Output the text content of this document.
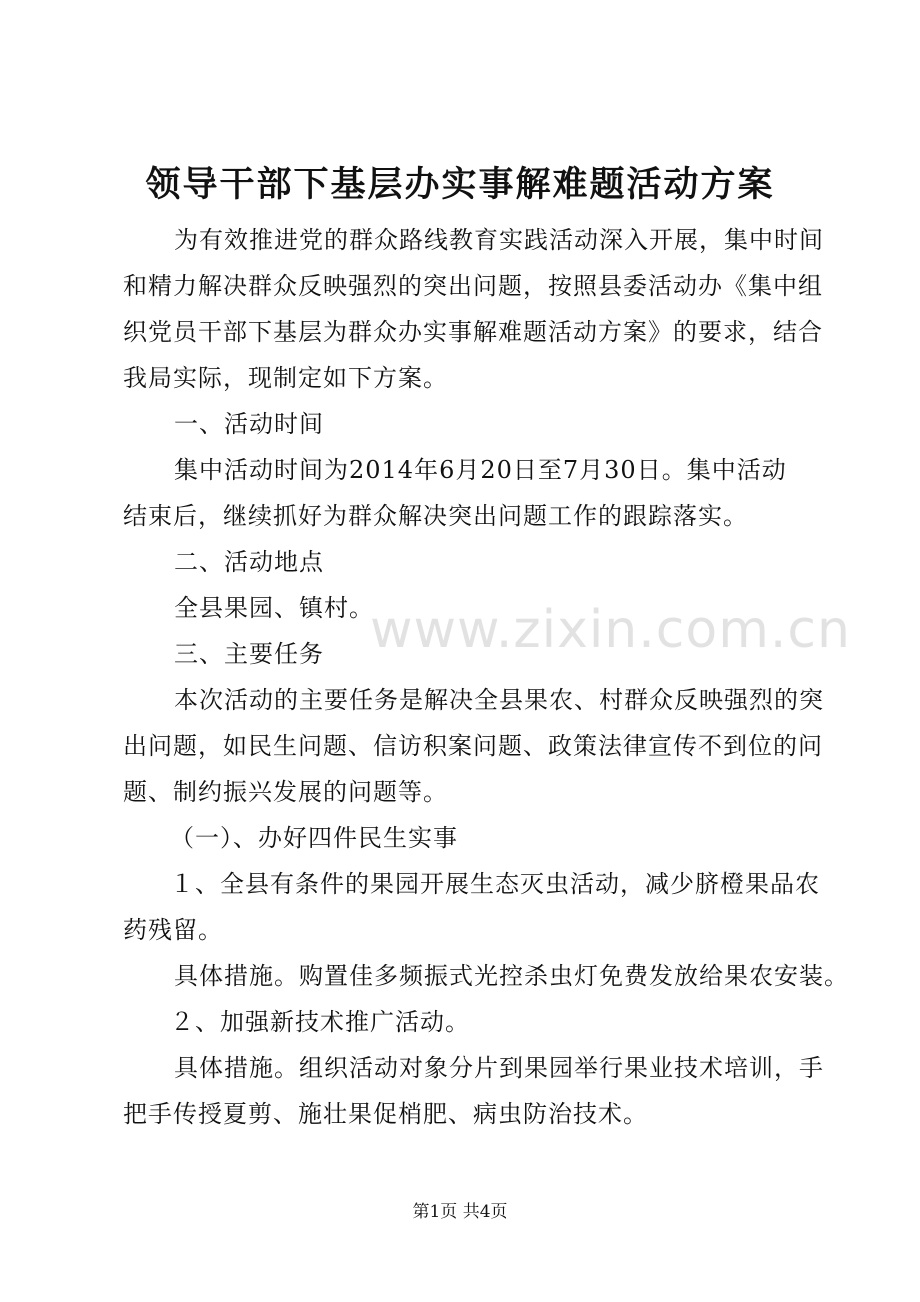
领导干部下基层办实事解难题活动方案
为有效推进党的群众路线教育实践活动深入开展，集中时间
和精力解决群众反映强烈的突出问题，按照县委活动办《集中组
织党员干部下基层为群众办实事解难题活动方案》的要求，结合
我局实际，现制定如下方案。
一、活动时间
集中活动时间为2014年6月20日至7月30日。集中活动
结束后，继续抓好为群众解决突出问题工作的跟踪落实。
二、活动地点
全县果园、镇村。
三、主要任务
本次活动的主要任务是解决全县果农、村群众反映强烈的突
出问题，如民生问题、信访积案问题、政策法律宣传不到位的问
题、制约振兴发展的问题等。
（一）、办好四件民生实事
１、全县有条件的果园开展生态灭虫活动，减少脐橙果品农
药残留。
具体措施。购置佳多频振式光控杀虫灯免费发放给果农安装。
２、加强新技术推广活动。
具体措施。组织活动对象分片到果园举行果业技术培训，手
把手传授夏剪、施壮果促梢肥、病虫防治技术。
www.zixin.com.cn
第1页 共4页
